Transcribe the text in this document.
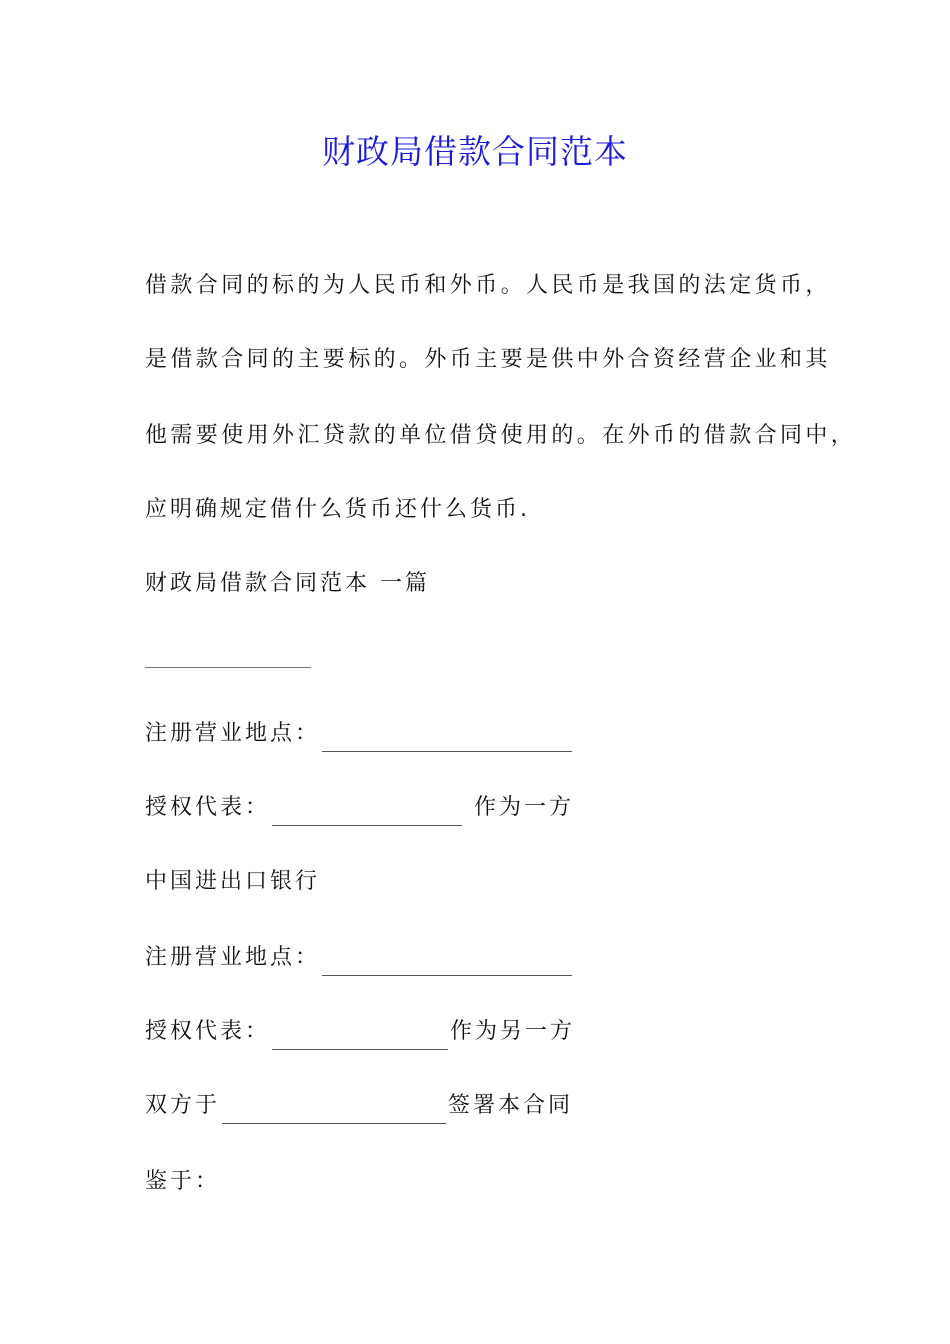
财政局借款合同范本
借款合同的标的为人民币和外币。人民币是我国的法定货币，
是借款合同的主要标的。外币主要是供中外合资经营企业和其
他需要使用外汇贷款的单位借贷使用的。在外币的借款合同中，
应明确规定借什么货币还什么货币.
财政局借款合同范本 一篇
注册营业地点：
授权代表：	作为一方
中国进出口银行
注册营业地点：
授权代表：	作为另一方
双方于	签署本合同
鉴于：
